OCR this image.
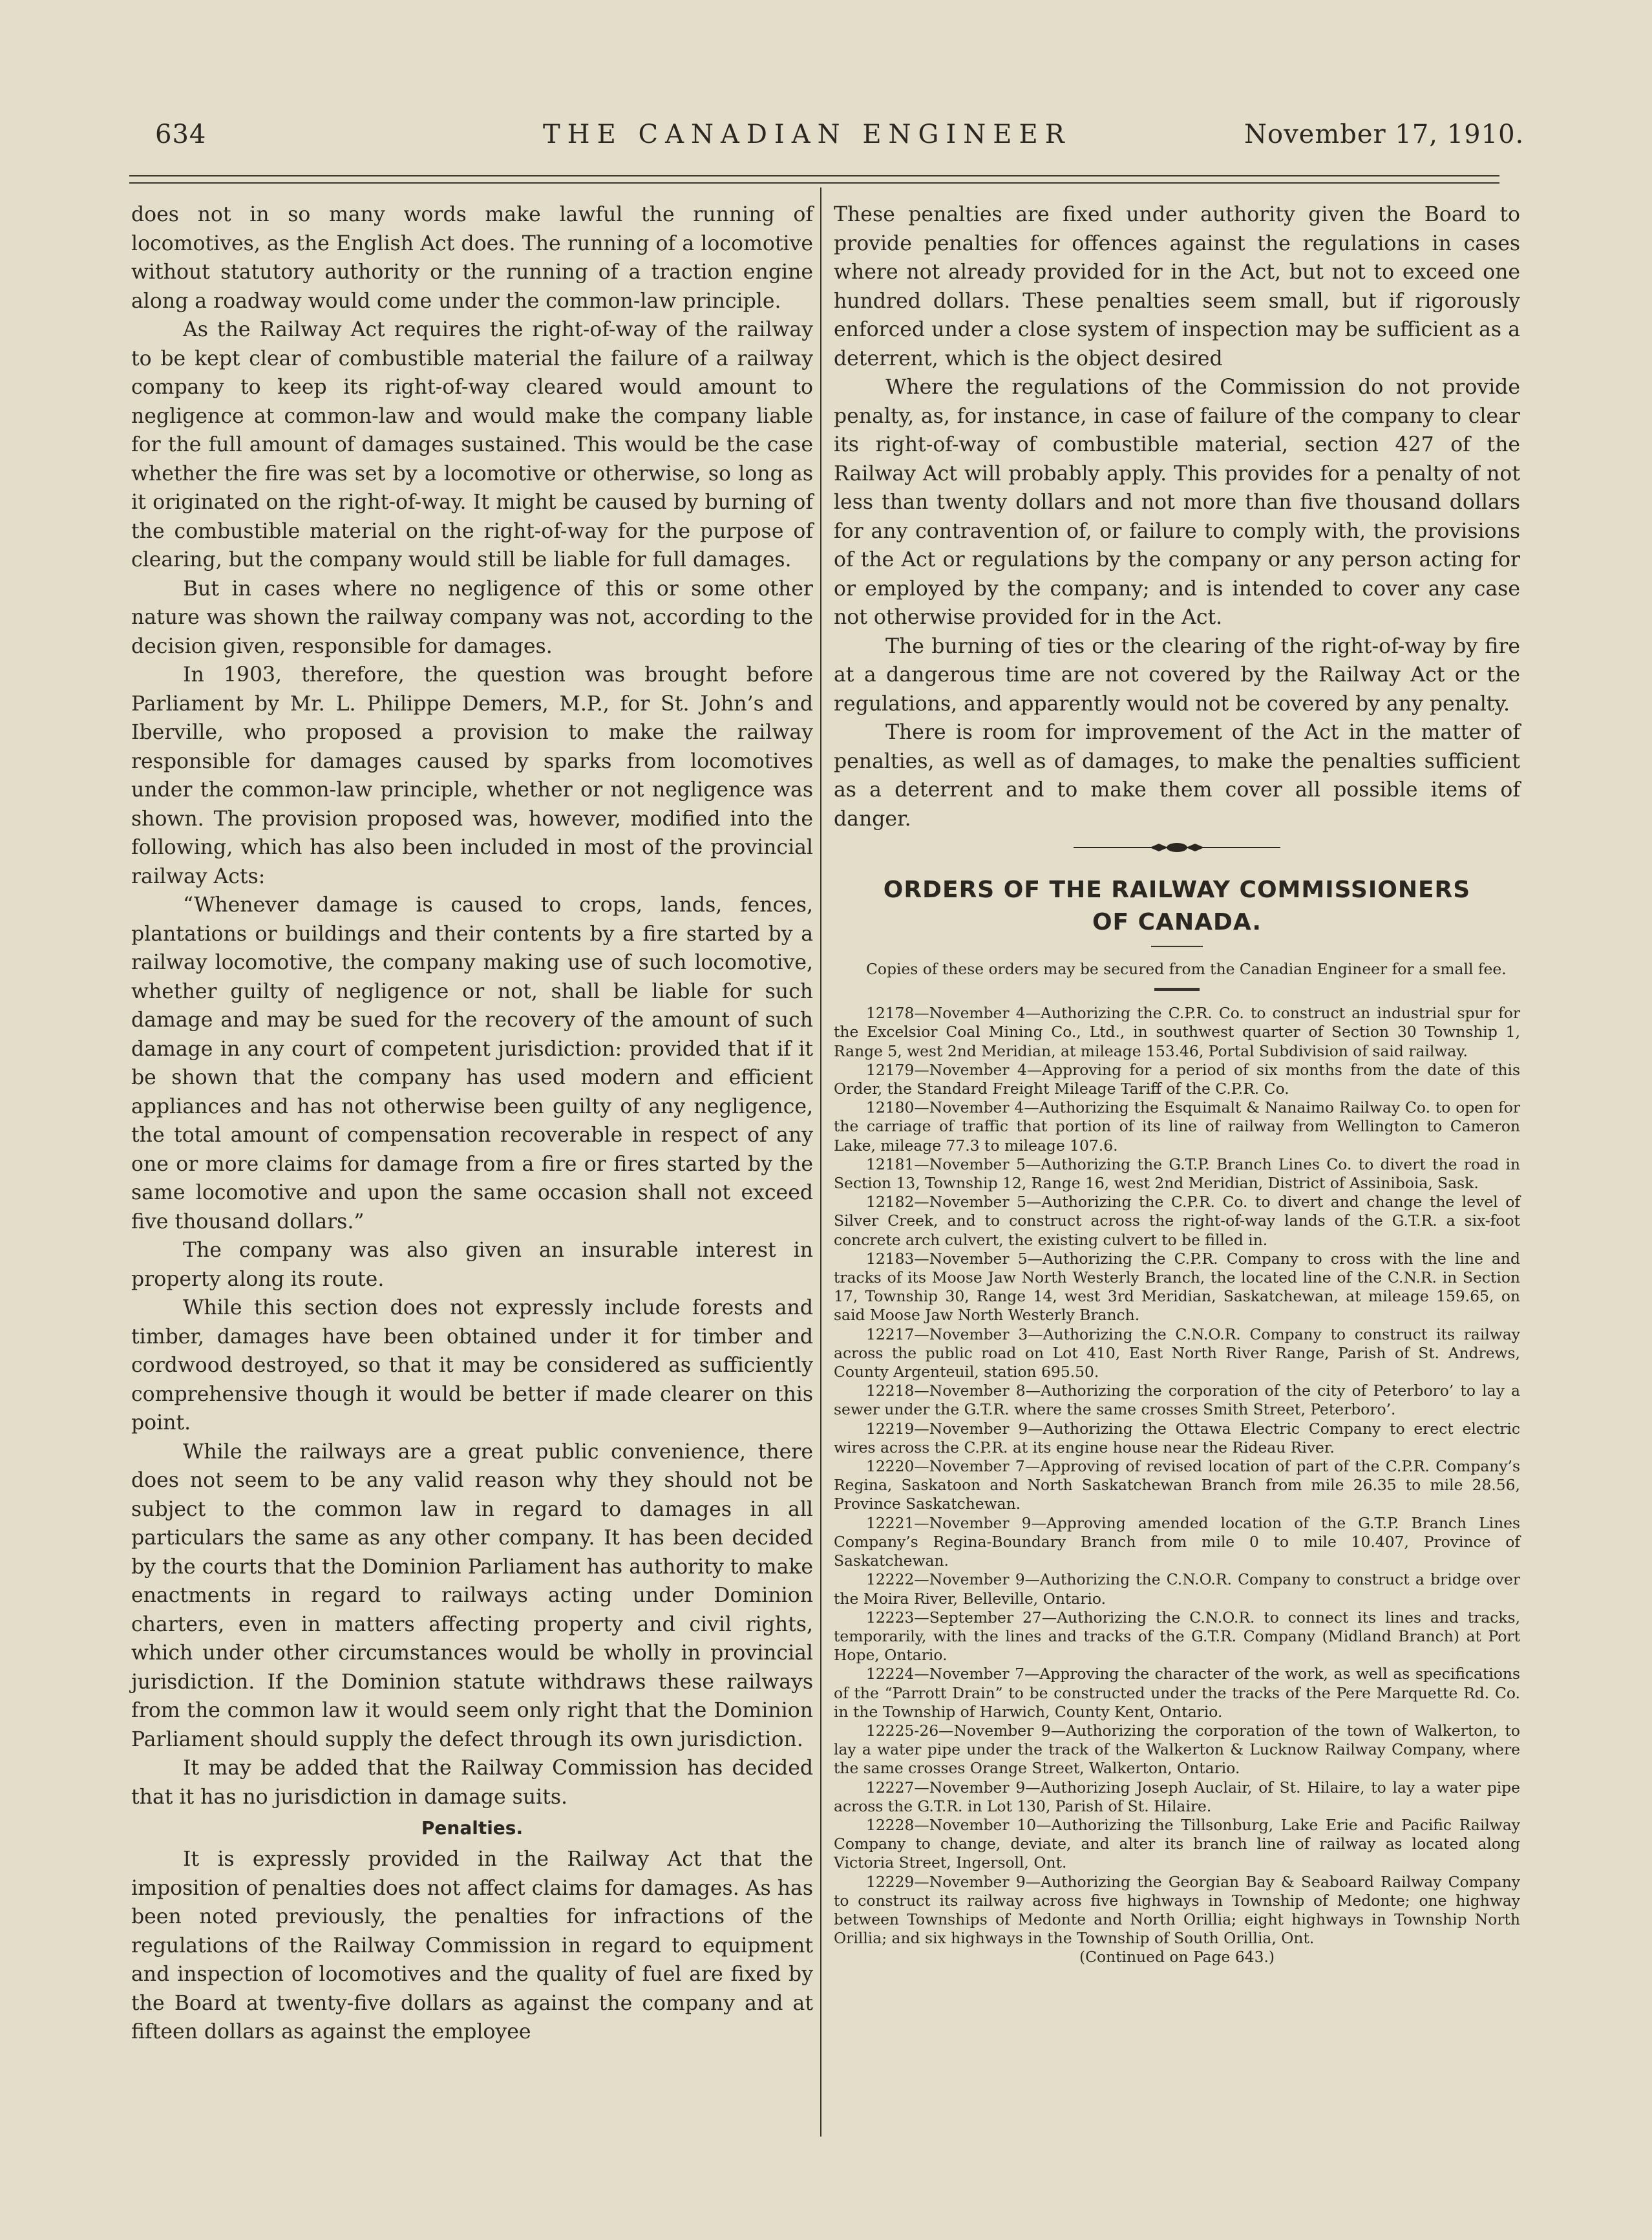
634	THE CANADIAN ENGINEER	November 17, 1910.

does not in so many words make lawful the running of locomotives, as the English Act does. The running of a locomotive without statutory authority or the running of a traction engine along a roadway would come under the common-law principle.

As the Railway Act requires the right-of-way of the railway to be kept clear of combustible material the failure of a railway company to keep its right-of-way cleared would amount to negligence at common-law and would make the company liable for the full amount of damages sustained. This would be the case whether the fire was set by a locomotive or otherwise, so long as it originated on the right-of-way. It might be caused by burning of the combustible material on the right-of-way for the purpose of clearing, but the company would still be liable for full damages.

But in cases where no negligence of this or some other nature was shown the railway company was not, according to the decision given, responsible for damages.

In 1903, therefore, the question was brought before Parliament by Mr. L. Philippe Demers, M.P., for St. John’s and Iberville, who proposed a provision to make the railway responsible for damages caused by sparks from locomotives under the common-law principle, whether or not negligence was shown. The provision proposed was, however, modified into the following, which has also been included in most of the provincial railway Acts:

“Whenever damage is caused to crops, lands, fences, plantations or buildings and their contents by a fire started by a railway locomotive, the company making use of such locomotive, whether guilty of negligence or not, shall be liable for such damage and may be sued for the recovery of the amount of such damage in any court of competent jurisdiction: provided that if it be shown that the company has used modern and efficient appliances and has not otherwise been guilty of any negligence, the total amount of compensation recoverable in respect of any one or more claims for damage from a fire or fires started by the same locomotive and upon the same occasion shall not exceed five thousand dollars.”

The company was also given an insurable interest in property along its route.

While this section does not expressly include forests and timber, damages have been obtained under it for timber and cordwood destroyed, so that it may be considered as sufficiently comprehensive though it would be better if made clearer on this point.

While the railways are a great public convenience, there does not seem to be any valid reason why they should not be subject to the common law in regard to damages in all particulars the same as any other company. It has been decided by the courts that the Dominion Parliament has authority to make enactments in regard to railways acting under Dominion charters, even in matters affecting property and civil rights, which under other circumstances would be wholly in provincial jurisdiction. If the Dominion statute withdraws these railways from the common law it would seem only right that the Dominion Parliament should supply the defect through its own jurisdiction.

It may be added that the Railway Commission has decided that it has no jurisdiction in damage suits.

Penalties.

It is expressly provided in the Railway Act that the imposition of penalties does not affect claims for damages. As has been noted previously, the penalties for infractions of the regulations of the Railway Commission in regard to equipment and inspection of locomotives and the quality of fuel are fixed by the Board at twenty-five dollars as against the company and at fifteen dollars as against the employee

These penalties are fixed under authority given the Board to provide penalties for offences against the regulations in cases where not already provided for in the Act, but not to exceed one hundred dollars. These penalties seem small, but if rigorously enforced under a close system of inspection may be sufficient as a deterrent, which is the object desired

Where the regulations of the Commission do not provide penalty, as, for instance, in case of failure of the company to clear its right-of-way of combustible material, section 427 of the Railway Act will probably apply. This provides for a penalty of not less than twenty dollars and not more than five thousand dollars for any contravention of, or failure to comply with, the provisions of the Act or regulations by the company or any person acting for or employed by the company; and is intended to cover any case not otherwise provided for in the Act.

The burning of ties or the clearing of the right-of-way by fire at a dangerous time are not covered by the Railway Act or the regulations, and apparently would not be covered by any penalty.

There is room for improvement of the Act in the matter of penalties, as well as of damages, to make the penalties sufficient as a deterrent and to make them cover all possible items of danger.

ORDERS OF THE RAILWAY COMMISSIONERS
OF CANADA.

Copies of these orders may be secured from the Canadian Engineer for a small fee.

12178—November 4—Authorizing the C.P.R. Co. to construct an industrial spur for the Excelsior Coal Mining Co., Ltd., in southwest quarter of Section 30 Township 1, Range 5, west 2nd Meridian, at mileage 153.46, Portal Subdivision of said railway.

12179—November 4—Approving for a period of six months from the date of this Order, the Standard Freight Mileage Tariff of the C.P.R. Co.

12180—November 4—Authorizing the Esquimalt & Nanaimo Railway Co. to open for the carriage of traffic that portion of its line of railway from Wellington to Cameron Lake, mileage 77.3 to mileage 107.6.

12181—November 5—Authorizing the G.T.P. Branch Lines Co. to divert the road in Section 13, Township 12, Range 16, west 2nd Meridian, District of Assiniboia, Sask.

12182—November 5—Authorizing the C.P.R. Co. to divert and change the level of Silver Creek, and to construct across the right-of-way lands of the G.T.R. a six-foot concrete arch culvert, the existing culvert to be filled in.

12183—November 5—Authorizing the C.P.R. Company to cross with the line and tracks of its Moose Jaw North Westerly Branch, the located line of the C.N.R. in Section 17, Township 30, Range 14, west 3rd Meridian, Saskatchewan, at mileage 159.65, on said Moose Jaw North Westerly Branch.

12217—November 3—Authorizing the C.N.O.R. Company to construct its railway across the public road on Lot 410, East North River Range, Parish of St. Andrews, County Argenteuil, station 695.50.

12218—November 8—Authorizing the corporation of the city of Peterboro’ to lay a sewer under the G.T.R. where the same crosses Smith Street, Peterboro’.

12219—November 9—Authorizing the Ottawa Electric Company to erect electric wires across the C.P.R. at its engine house near the Rideau River.

12220—November 7—Approving of revised location of part of the C.P.R. Company’s Regina, Saskatoon and North Saskatchewan Branch from mile 26.35 to mile 28.56, Province Saskatchewan.

12221—November 9—Approving amended location of the G.T.P. Branch Lines Company’s Regina-Boundary Branch from mile 0 to mile 10.407, Province of Saskatchewan.

12222—November 9—Authorizing the C.N.O.R. Company to construct a bridge over the Moira River, Belleville, Ontario.

12223—September 27—Authorizing the C.N.O.R. to connect its lines and tracks, temporarily, with the lines and tracks of the G.T.R. Company (Midland Branch) at Port Hope, Ontario.

12224—November 7—Approving the character of the work, as well as specifications of the “Parrott Drain” to be constructed under the tracks of the Pere Marquette Rd. Co. in the Township of Harwich, County Kent, Ontario.

12225-26—November 9—Authorizing the corporation of the town of Walkerton, to lay a water pipe under the track of the Walkerton & Lucknow Railway Company, where the same crosses Orange Street, Walkerton, Ontario.

12227—November 9—Authorizing Joseph Auclair, of St. Hilaire, to lay a water pipe across the G.T.R. in Lot 130, Parish of St. Hilaire.

12228—November 10—Authorizing the Tillsonburg, Lake Erie and Pacific Railway Company to change, deviate, and alter its branch line of railway as located along Victoria Street, Ingersoll, Ont.

12229—November 9—Authorizing the Georgian Bay & Seaboard Railway Company to construct its railway across five highways in Township of Medonte; one highway between Townships of Medonte and North Orillia; eight highways in Township North Orillia; and six highways in the Township of South Orillia, Ont.

(Continued on Page 643.)
